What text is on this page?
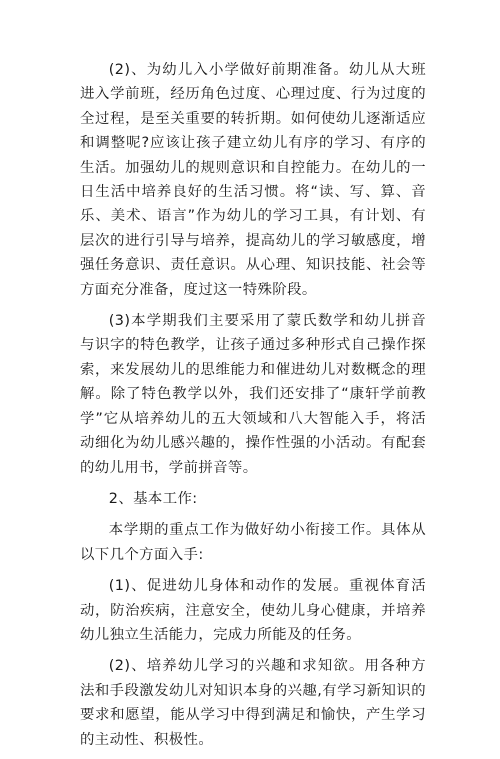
(2)、为幼儿入小学做好前期准备。幼儿从大班进入学前班，经历角色过度、心理过度、行为过度的全过程，是至关重要的转折期。如何使幼儿逐渐适应和调整呢?应该让孩子建立幼儿有序的学习、有序的生活。加强幼儿的规则意识和自控能力。在幼儿的一日生活中培养良好的生活习惯。将“读、写、算、音乐、美术、语言”作为幼儿的学习工具，有计划、有层次的进行引导与培养，提高幼儿的学习敏感度，增强任务意识、责任意识。从心理、知识技能、社会等方面充分准备，度过这一特殊阶段。

(3)本学期我们主要采用了蒙氏数学和幼儿拼音与识字的特色教学，让孩子通过多种形式自己操作探索，来发展幼儿的思维能力和催进幼儿对数概念的理解。除了特色教学以外，我们还安排了“康轩学前教学”它从培养幼儿的五大领域和八大智能入手，将活动细化为幼儿感兴趣的，操作性强的小活动。有配套的幼儿用书，学前拼音等。

2、基本工作:

本学期的重点工作为做好幼小衔接工作。具体从以下几个方面入手:

(1)、促进幼儿身体和动作的发展。重视体育活动，防治疾病，注意安全，使幼儿身心健康，并培养幼儿独立生活能力，完成力所能及的任务。

(2)、培养幼儿学习的兴趣和求知欲。用各种方法和手段激发幼儿对知识本身的兴趣,有学习新知识的要求和愿望，能从学习中得到满足和愉快，产生学习的主动性、积极性。
